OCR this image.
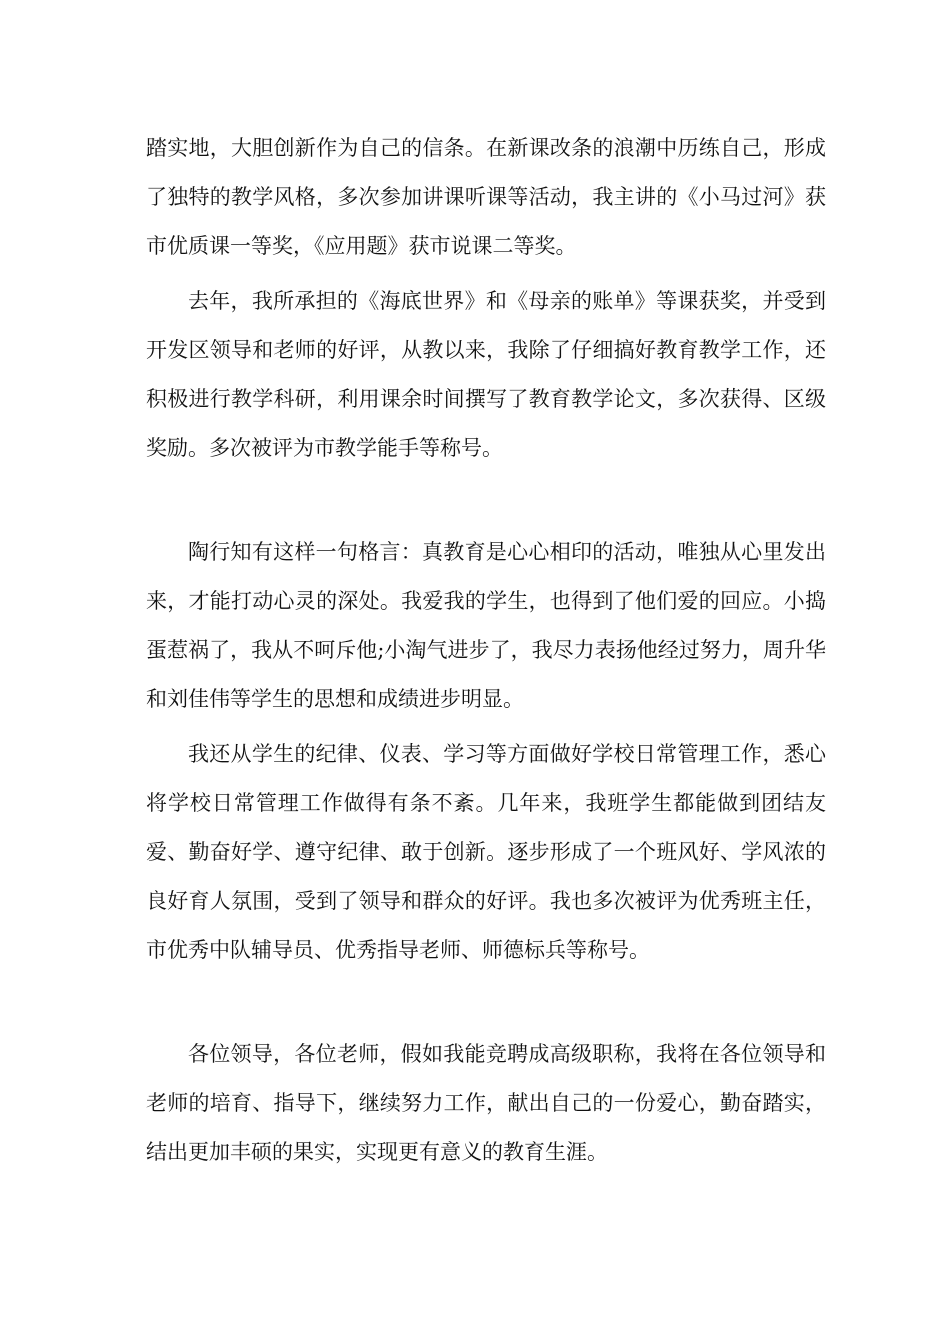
踏实地，大胆创新作为自己的信条。在新课改条的浪潮中历练自己，形成了独特的教学风格，多次参加讲课听课等活动，我主讲的《小马过河》获市优质课一等奖，《应用题》获市说课二等奖。

去年，我所承担的《海底世界》和《母亲的账单》等课获奖，并受到开发区领导和老师的好评，从教以来，我除了仔细搞好教育教学工作，还积极进行教学科研，利用课余时间撰写了教育教学论文，多次获得、区级奖励。多次被评为市教学能手等称号。

陶行知有这样一句格言：真教育是心心相印的活动，唯独从心里发出来，才能打动心灵的深处。我爱我的学生，也得到了他们爱的回应。小捣蛋惹祸了，我从不呵斥他;小淘气进步了，我尽力表扬他经过努力，周升华和刘佳伟等学生的思想和成绩进步明显。

我还从学生的纪律、仪表、学习等方面做好学校日常管理工作，悉心将学校日常管理工作做得有条不紊。几年来，我班学生都能做到团结友爱、勤奋好学、遵守纪律、敢于创新。逐步形成了一个班风好、学风浓的良好育人氛围，受到了领导和群众的好评。我也多次被评为优秀班主任，市优秀中队辅导员、优秀指导老师、师德标兵等称号。

各位领导，各位老师，假如我能竞聘成高级职称，我将在各位领导和老师的培育、指导下，继续努力工作，献出自己的一份爱心，勤奋踏实，结出更加丰硕的果实，实现更有意义的教育生涯。
